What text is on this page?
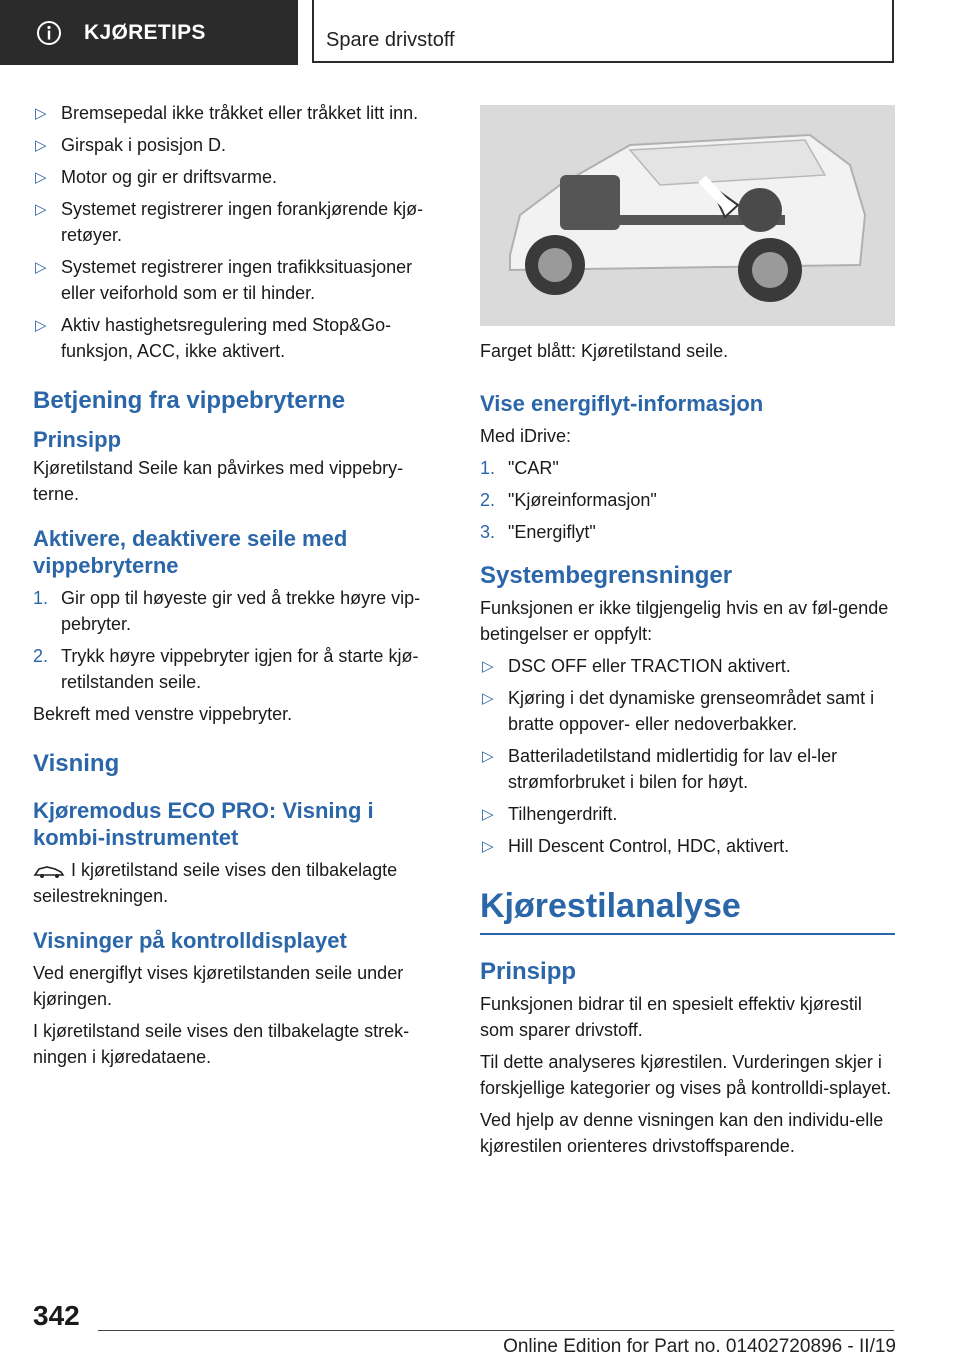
KJØRETIPS	Spare drivstoff
▷ Bremsepedal ikke tråkket eller tråkket litt inn.
▷ Girspak i posisjon D.
▷ Motor og gir er driftsvarme.
▷ Systemet registrerer ingen forankjørende kjø-retøyer.
▷ Systemet registrerer ingen trafikksituasjoner eller veiforhold som er til hinder.
▷ Aktiv hastighetsregulering med Stop&Go-funksjon, ACC, ikke aktivert.
Betjening fra vippebryterne
Prinsipp

Kjøretilstand Seile kan påvirkes med vippebry-terne.

Aktivere, deaktivere seile med vippebryterne
1. Gir opp til høyeste gir ved å trekke høyre vip-pebryter.
2. Trykk høyre vippebryter igjen for å starte kjø-retilstanden seile.

Bekreft med venstre vippebryter.

Visning
Kjøremodus ECO PRO: Visning i kombi-instrumentet

I kjøretilstand seile vises den tilbakelagte seilestrekningen.

Visninger på kontrolldisplayet

Ved energiflyt vises kjøretilstanden seile under kjøringen.

I kjøretilstand seile vises den tilbakelagte strek-ningen i kjøredataene.

Farget blått: Kjøretilstand seile.

Vise energiflyt-informasjon

Med iDrive:

1. "CAR"
2. "Kjøreinformasjon"
3. "Energiflyt"
Systembegrensninger

Funksjonen er ikke tilgjengelig hvis en av føl-gende betingelser er oppfylt:

▷ DSC OFF eller TRACTION aktivert.
▷ Kjøring i det dynamiske grenseområdet samt i bratte oppover- eller nedoverbakker.
▷ Batteriladetilstand midlertidig for lav el-ler strømforbruket i bilen for høyt.
▷ Tilhengerdrift.
▷ Hill Descent Control, HDC, aktivert.
Kjørestilanalyse
Prinsipp

Funksjonen bidrar til en spesielt effektiv kjørestil som sparer drivstoff.

Til dette analyseres kjørestilen. Vurderingen skjer i forskjellige kategorier og vises på kontrolldi-splayet.

Ved hjelp av denne visningen kan den individu-elle kjørestilen orienteres drivstoffsparende.

342
Online Edition for Part no. 01402720896 - II/19
